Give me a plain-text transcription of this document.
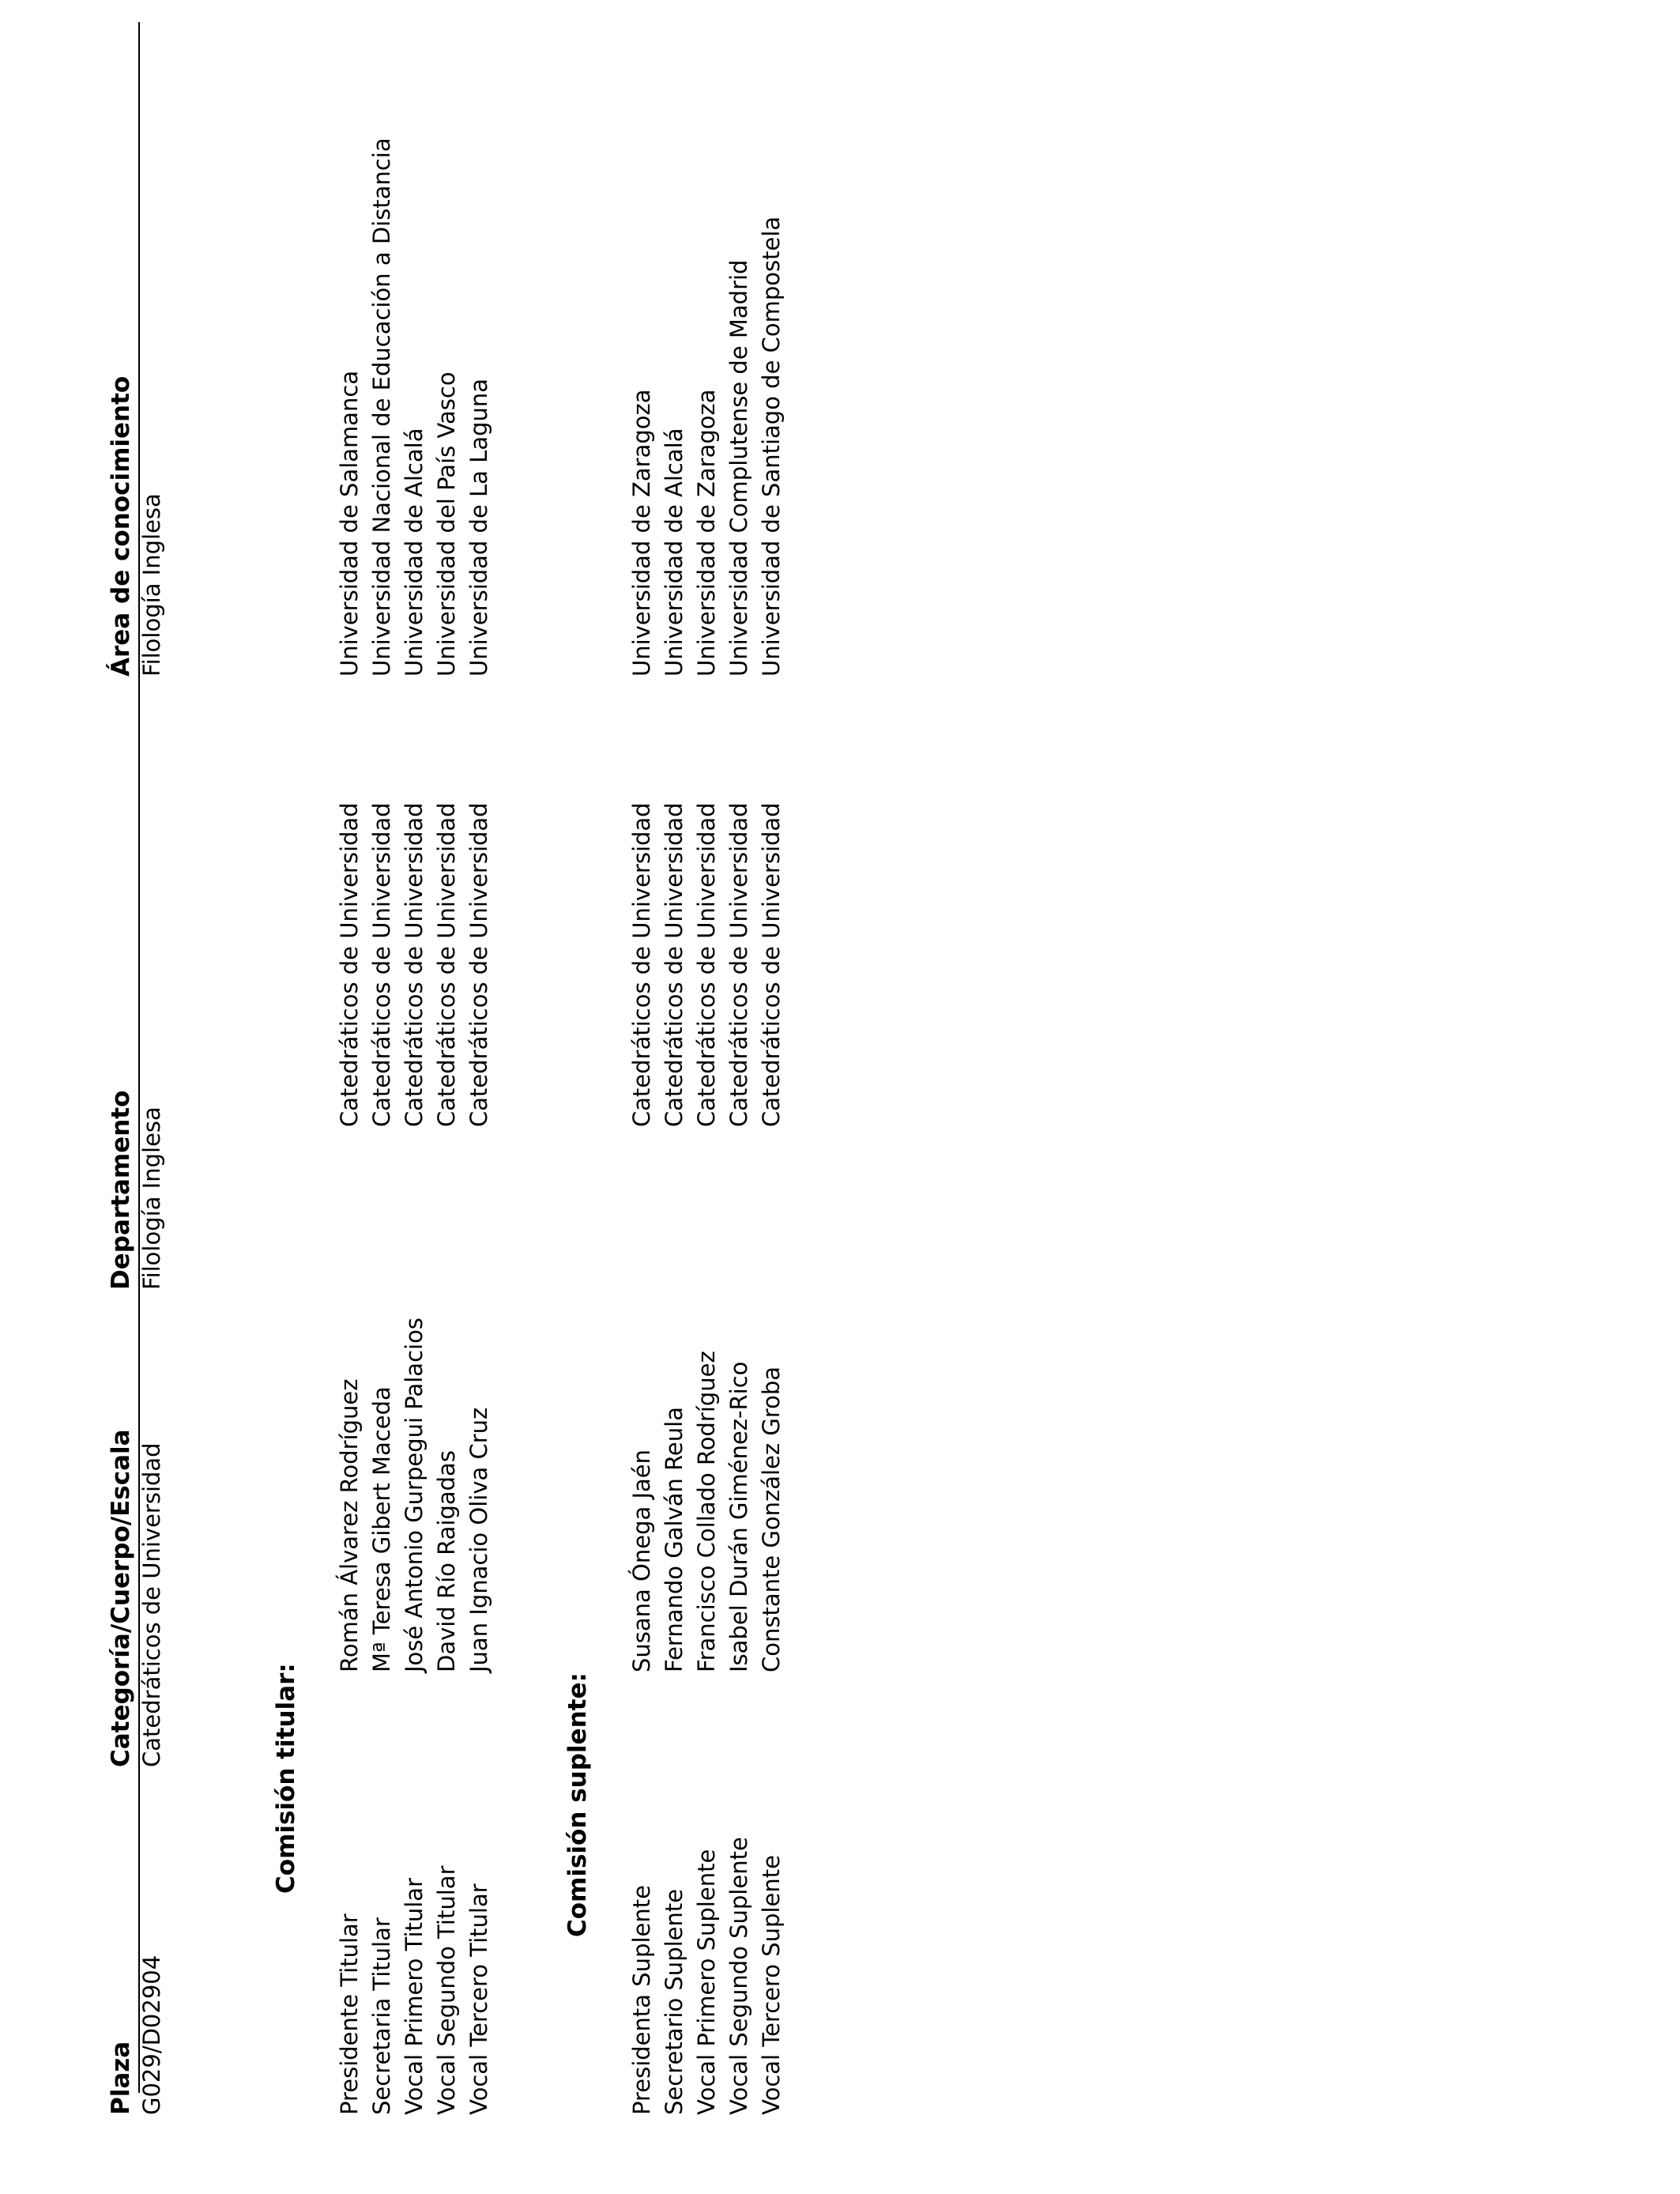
Plaza
Categoría/Cuerpo/Escala
Departamento
Área de conocimiento
G029/D02904
Catedráticos de Universidad
Filología Inglesa
Filología Inglesa
Comisión titular:
Presidente Titular
Román Álvarez Rodríguez
Catedráticos de Universidad
Universidad de Salamanca
Secretaria Titular
Mª Teresa Gibert Maceda
Catedráticos de Universidad
Universidad Nacional de Educación a Distancia
Vocal Primero Titular
José Antonio Gurpegui Palacios
Catedráticos de Universidad
Universidad de Alcalá
Vocal Segundo Titular
David Río Raigadas
Catedráticos de Universidad
Universidad del País Vasco
Vocal Tercero Titular
Juan Ignacio Oliva Cruz
Catedráticos de Universidad
Universidad de La Laguna
Comisión suplente:
Presidenta Suplente
Susana Ónega Jaén
Catedráticos de Universidad
Universidad de Zaragoza
Secretario Suplente
Fernando Galván Reula
Catedráticos de Universidad
Universidad de Alcalá
Vocal Primero Suplente
Francisco Collado Rodríguez
Catedráticos de Universidad
Universidad de Zaragoza
Vocal Segundo Suplente
Isabel Durán Giménez-Rico
Catedráticos de Universidad
Universidad Complutense de Madrid
Vocal Tercero Suplente
Constante González Groba
Catedráticos de Universidad
Universidad de Santiago de Compostela
